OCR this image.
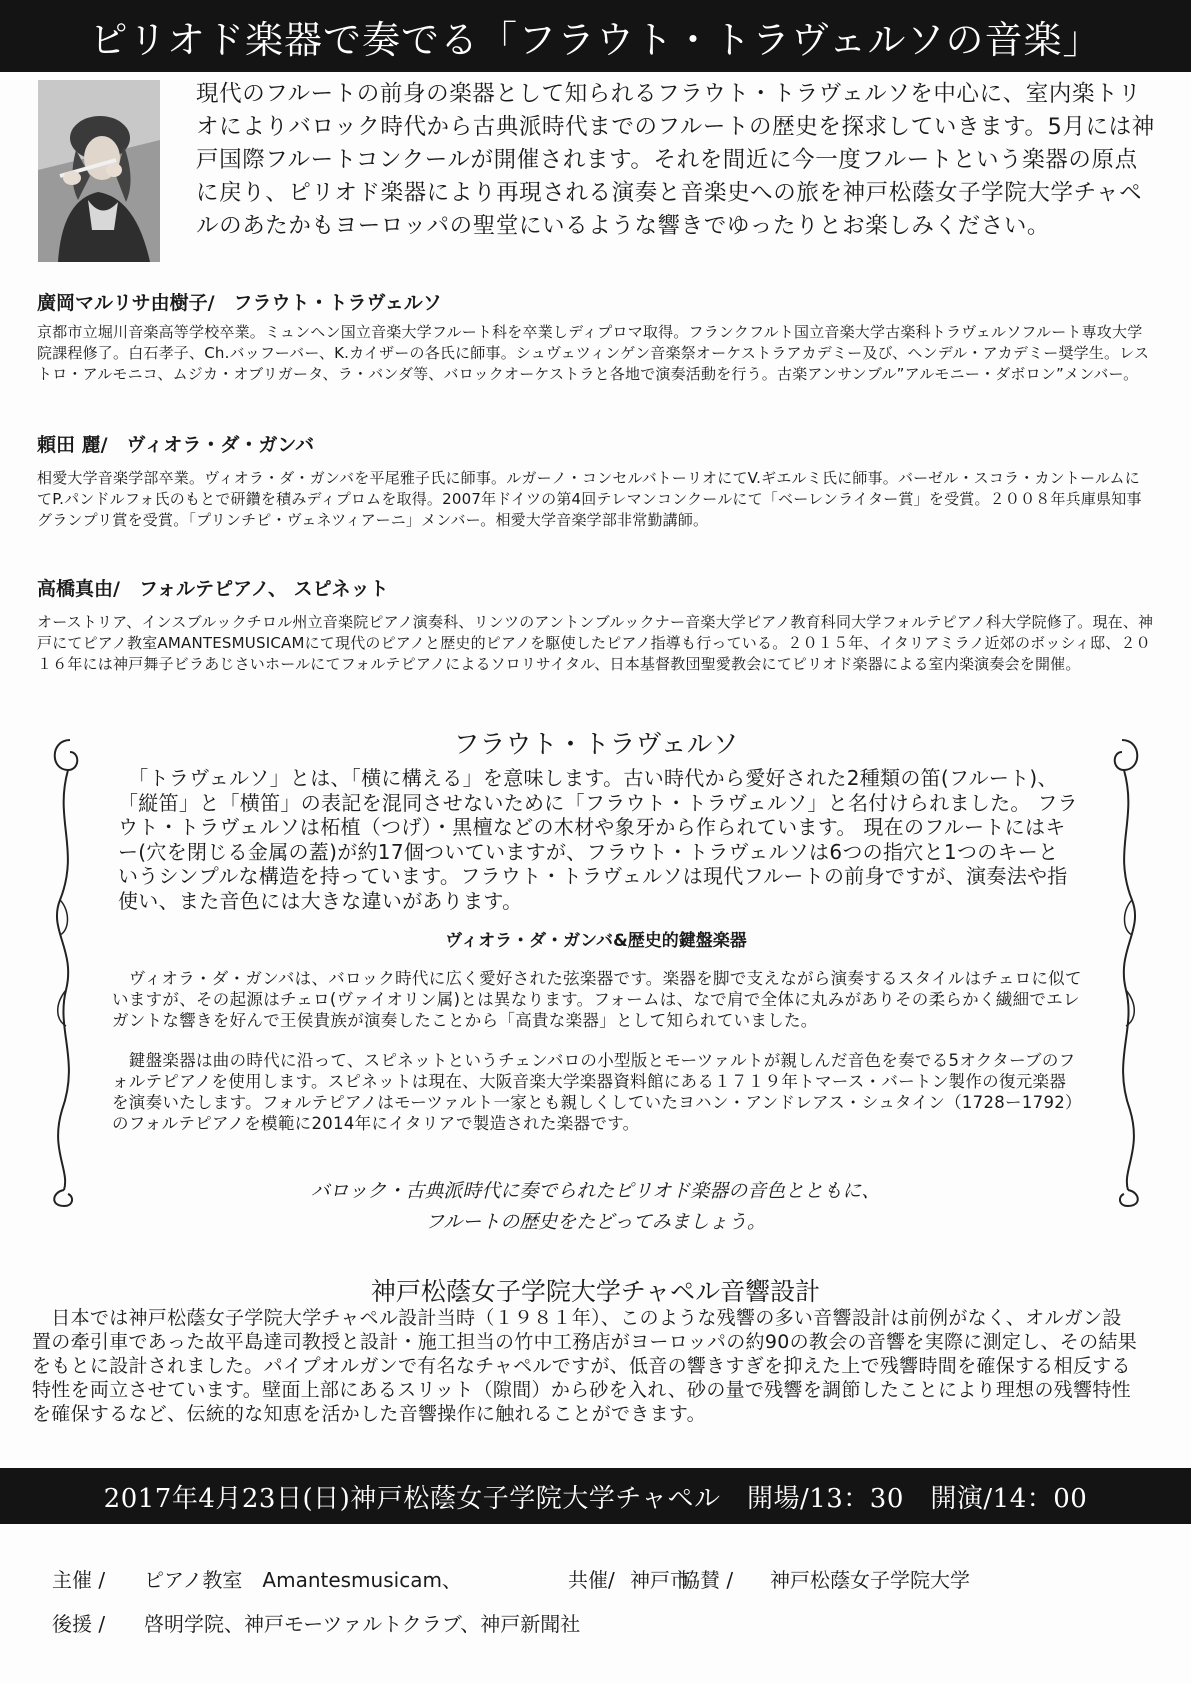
ピリオド楽器で奏でる「フラウト・トラヴェルソの音楽」

現代のフルートの前身の楽器として知られるフラウト・トラヴェルソを中心に、室内楽トリオによりバロック時代から古典派時代までのフルートの歴史を探求していきます。5月には神戸国際フルートコンクールが開催されます。それを間近に今一度フルートという楽器の原点に戻り、ピリオド楽器により再現される演奏と音楽史への旅を神戸松蔭女子学院大学チャペルのあたかもヨーロッパの聖堂にいるような響きでゆったりとお楽しみください。

廣岡マルリサ由樹子/　フラウト・トラヴェルソ

京都市立堀川音楽高等学校卒業。ミュンヘン国立音楽大学フルート科を卒業しディプロマ取得。フランクフルト国立音楽大学古楽科トラヴェルソフルート専攻大学院課程修了。白石孝子、Ch.バッフーバー、K.カイザーの各氏に師事。シュヴェツィンゲン音楽祭オーケストラアカデミー及び、ヘンデル・アカデミー奨学生。レストロ・アルモニコ、ムジカ・オブリガータ、ラ・バンダ等、バロックオーケストラと各地で演奏活動を行う。古楽アンサンブル”アルモニー・ダボロン”メンバー。

頼田 麗/　ヴィオラ・ダ・ガンバ

相愛大学音楽学部卒業。ヴィオラ・ダ・ガンバを平尾雅子氏に師事。ルガーノ・コンセルバトーリオにてV.ギエルミ氏に師事。バーゼル・スコラ・カントールムにてP.パンドルフォ氏のもとで研鑽を積みディプロムを取得。2007年ドイツの第4回テレマンコンクールにて「ベーレンライター賞」を受賞。２００８年兵庫県知事グランプリ賞を受賞。「プリンチピ・ヴェネツィアーニ」メンバー。相愛大学音楽学部非常勤講師。

高橋真由/　フォルテピアノ、 スピネット

オーストリア、インスブルックチロル州立音楽院ピアノ演奏科、リンツのアントンブルックナー音楽大学ピアノ教育科同大学フォルテピアノ科大学院修了。現在、神戸にてピアノ教室AMANTESMUSICAMにて現代のピアノと歴史的ピアノを駆使したピアノ指導も行っている。２０１５年、イタリアミラノ近郊のボッシィ邸、２０１６年には神戸舞子ビラあじさいホールにてフォルテピアノによるソロリサイタル、日本基督教団聖愛教会にてピリオド楽器による室内楽演奏会を開催。

フラウト・トラヴェルソ

　「トラヴェルソ」とは、「横に構える」を意味します。古い時代から愛好された2種類の笛(フルート)、「縦笛」と「横笛」の表記を混同させないために「フラウト・トラヴェルソ」と名付けられました。 フラウト・トラヴェルソは柘植（つげ）・黒檀などの木材や象牙から作られています。 現在のフルートにはキー(穴を閉じる金属の蓋)が約17個ついていますが、フラウト・トラヴェルソは6つの指穴と1つのキーというシンプルな構造を持っています。フラウト・トラヴェルソは現代フルートの前身ですが、演奏法や指使い、また音色には大きな違いがあります。

ヴィオラ・ダ・ガンバ&歴史的鍵盤楽器

　ヴィオラ・ダ・ガンバは、バロック時代に広く愛好された弦楽器です。楽器を脚で支えながら演奏するスタイルはチェロに似ていますが、その起源はチェロ(ヴァイオリン属)とは異なります。フォームは、なで肩で全体に丸みがありその柔らかく繊細でエレガントな響きを好んで王侯貴族が演奏したことから「高貴な楽器」として知られていました。

　鍵盤楽器は曲の時代に沿って、スピネットというチェンバロの小型版とモーツァルトが親しんだ音色を奏でる5オクターブのフォルテピアノを使用します。スピネットは現在、大阪音楽大学楽器資料館にある１７１９年トマース・バートン製作の復元楽器を演奏いたします。フォルテピアノはモーツァルト一家とも親しくしていたヨハン・アンドレアス・シュタイン（1728ー1792）のフォルテピアノを模範に2014年にイタリアで製造された楽器です。

バロック・古典派時代に奏でられたピリオド楽器の音色とともに、
フルートの歴史をたどってみましょう。

神戸松蔭女子学院大学チャペル音響設計

　日本では神戸松蔭女子学院大学チャペル設計当時（１９８１年）、このような残響の多い音響設計は前例がなく、オルガン設置の牽引車であった故平島達司教授と設計・施工担当の竹中工務店がヨーロッパの約90の教会の音響を実際に測定し、その結果をもとに設計されました。パイプオルガンで有名なチャペルですが、低音の響きすぎを抑えた上で残響時間を確保する相反する特性を両立させています。壁面上部にあるスリット（隙間）から砂を入れ、砂の量で残響を調節したことにより理想の残響特性を確保するなど、伝統的な知恵を活かした音響操作に触れることができます。

2017年4月23日(日)神戸松蔭女子学院大学チャペル　開場/13：30　開演/14：00
主催 / ピアノ教室　Amantesmusicam、	共催/ 神戸市
協賛 / 神戸松蔭女子学院大学
後援 / 啓明学院、神戸モーツァルトクラブ、神戸新聞社
